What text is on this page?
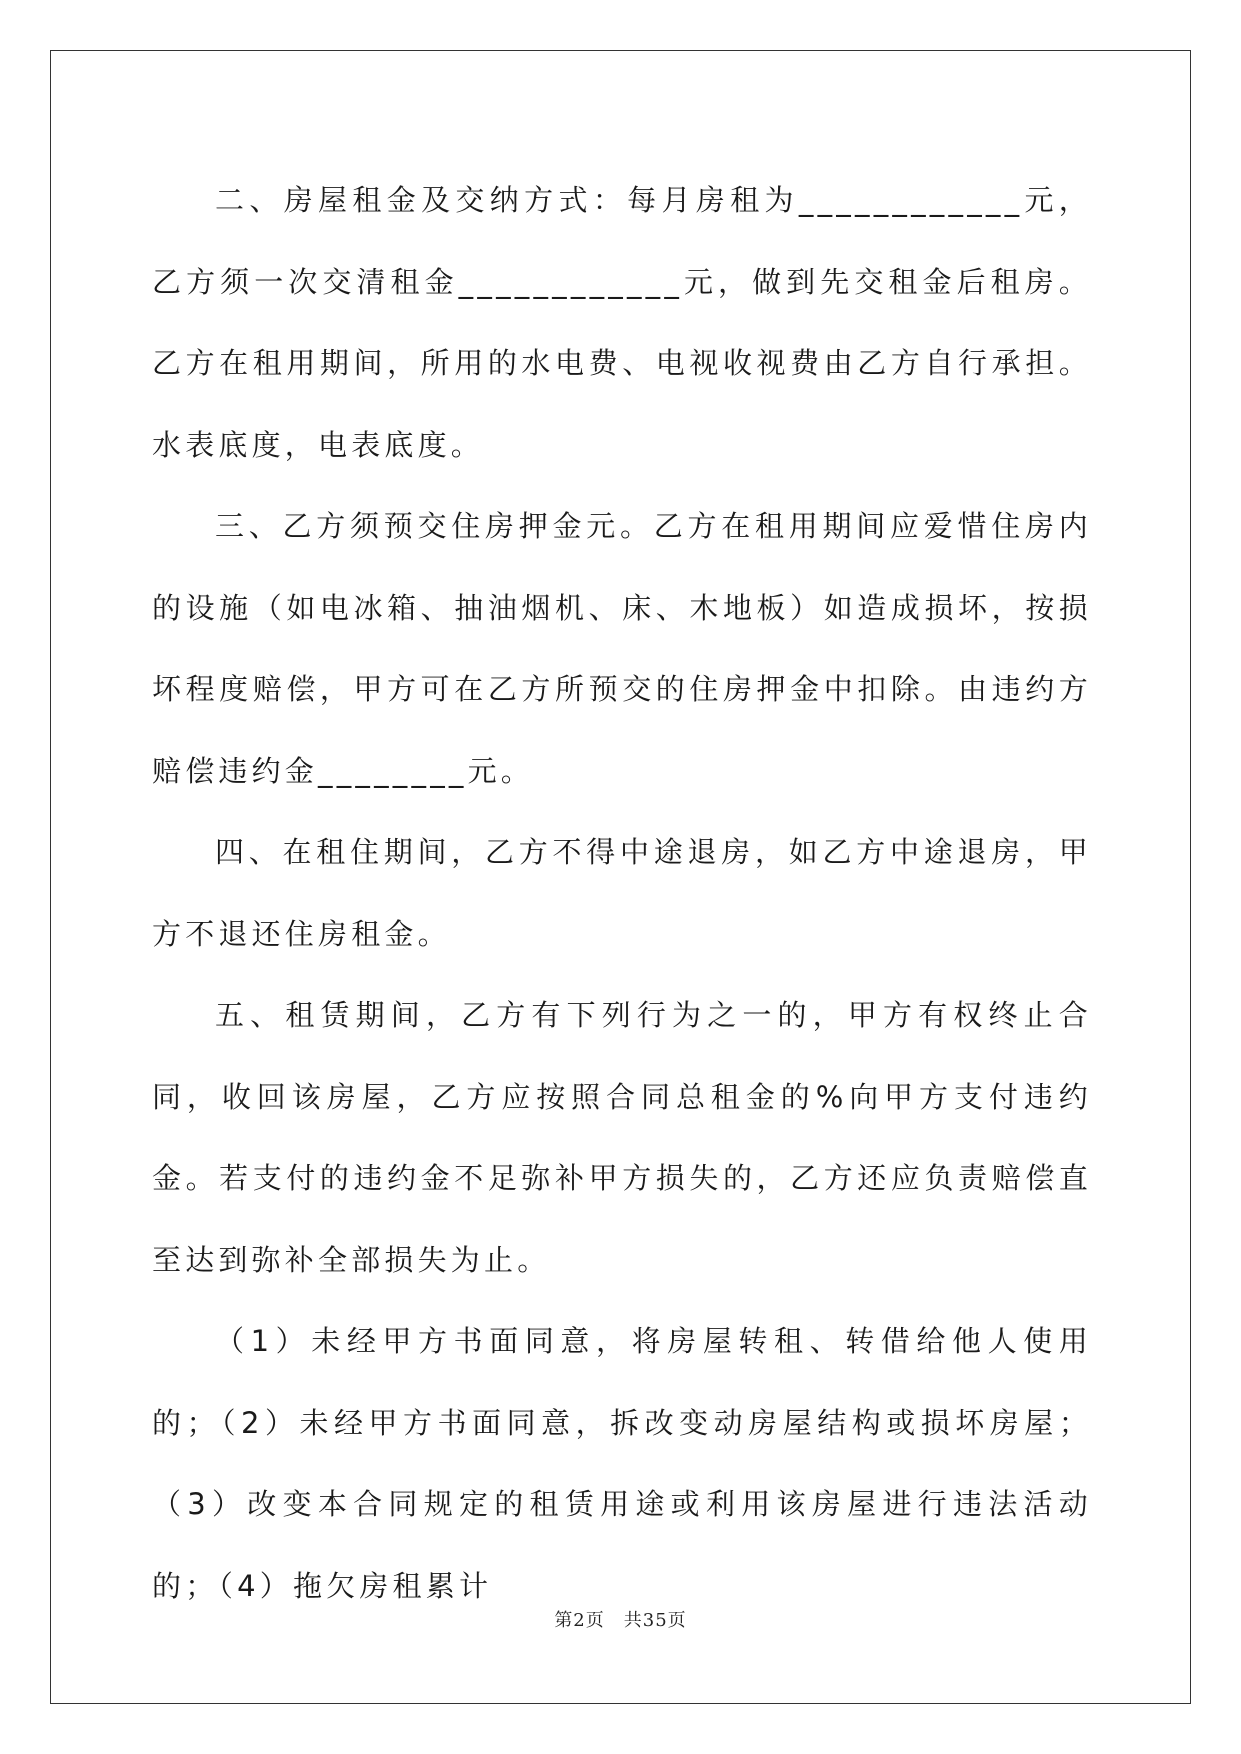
二、房屋租金及交纳方式：每月房租为____________元，乙方须一次交清租金____________元，做到先交租金后租房。乙方在租用期间，所用的水电费、电视收视费由乙方自行承担。水表底度，电表底度。

三、乙方须预交住房押金元。乙方在租用期间应爱惜住房内的设施（如电冰箱、抽油烟机、床、木地板）如造成损坏，按损坏程度赔偿，甲方可在乙方所预交的住房押金中扣除。由违约方赔偿违约金________元。

四、在租住期间，乙方不得中途退房，如乙方中途退房，甲方不退还住房租金。

五、租赁期间，乙方有下列行为之一的，甲方有权终止合同，收回该房屋，乙方应按照合同总租金的%向甲方支付违约金。若支付的违约金不足弥补甲方损失的，乙方还应负责赔偿直至达到弥补全部损失为止。

（1）未经甲方书面同意，将房屋转租、转借给他人使用的；（2）未经甲方书面同意，拆改变动房屋结构或损坏房屋；（3）改变本合同规定的租赁用途或利用该房屋进行违法活动的；（4）拖欠房租累计

第2页　共35页
